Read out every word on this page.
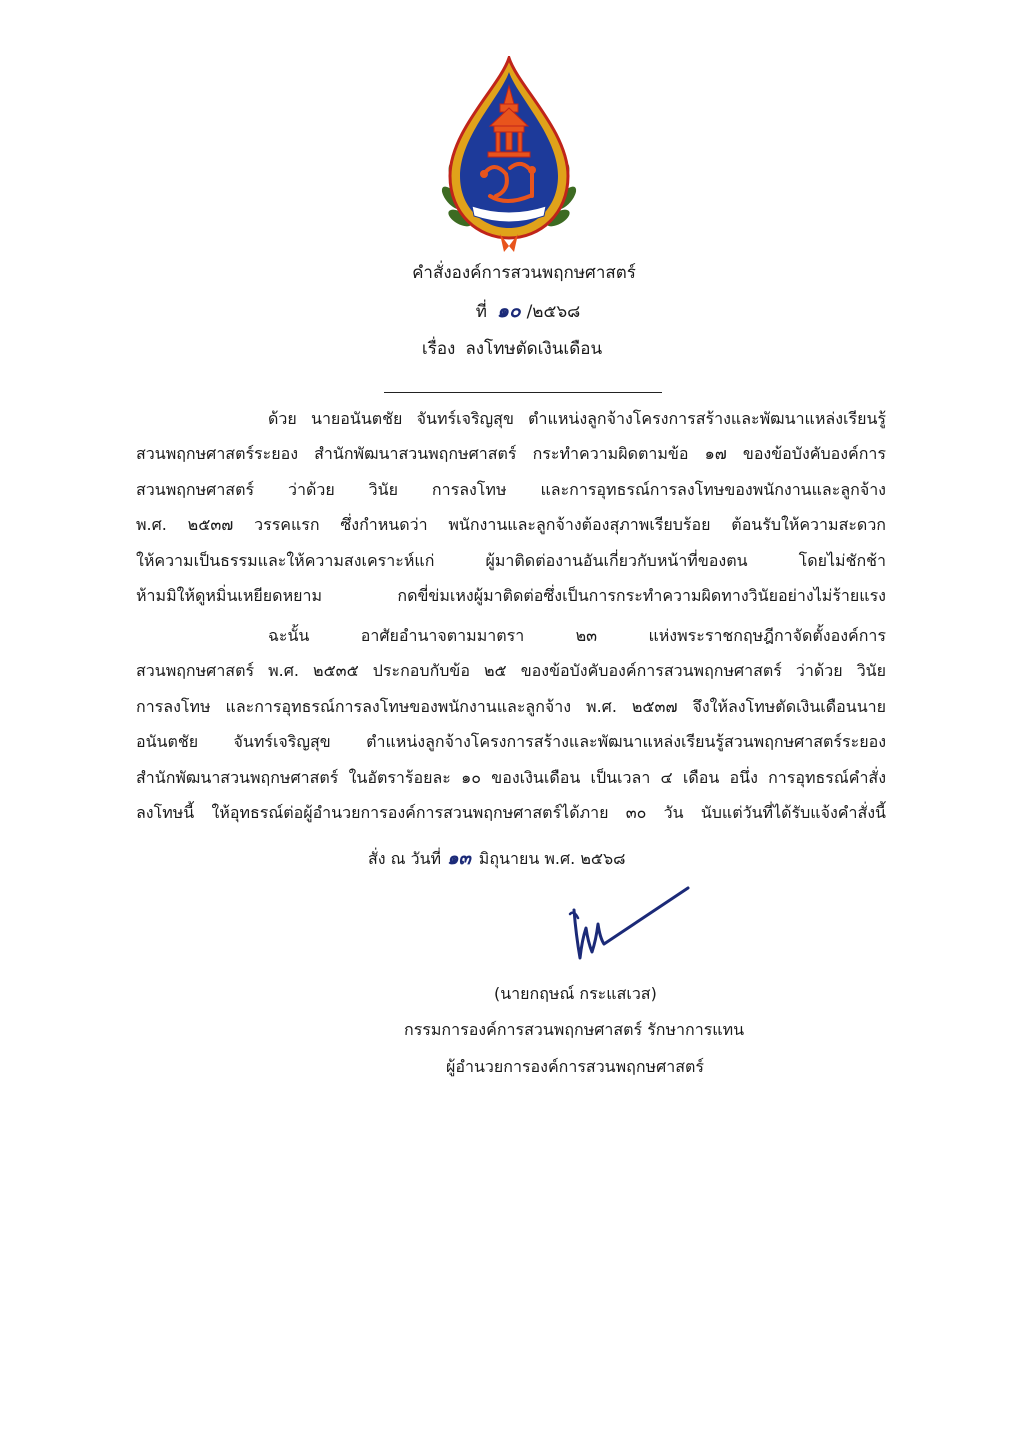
คำสั่งองค์การสวนพฤกษศาสตร์
ที่ ๑๐ /๒๕๖๘
เรื่อง ลงโทษตัดเงินเดือน
ด้วย นายอนันตชัย จันทร์เจริญสุข ตำแหน่งลูกจ้างโครงการสร้างและพัฒนาแหล่งเรียนรู้
สวนพฤกษศาสตร์ระยอง สำนักพัฒนาสวนพฤกษศาสตร์ กระทำความผิดตามข้อ ๑๗ ของข้อบังคับองค์การ
สวนพฤกษศาสตร์ ว่าด้วย วินัย การลงโทษ และการอุทธรณ์การลงโทษของพนักงานและลูกจ้าง
พ.ศ. ๒๕๓๗ วรรคแรก ซึ่งกำหนดว่า พนักงานและลูกจ้างต้องสุภาพเรียบร้อย ต้อนรับให้ความสะดวก
ให้ความเป็นธรรมและให้ความสงเคราะห์แก่ ผู้มาติดต่องานอันเกี่ยวกับหน้าที่ของตน โดยไม่ชักช้า
ห้ามมิให้ดูหมิ่นเหยียดหยาม กดขี่ข่มเหงผู้มาติดต่อซึ่งเป็นการกระทำความผิดทางวินัยอย่างไม่ร้ายแรง
ฉะนั้น อาศัยอำนาจตามมาตรา ๒๓ แห่งพระราชกฤษฎีกาจัดตั้งองค์การ
สวนพฤกษศาสตร์ พ.ศ. ๒๕๓๕ ประกอบกับข้อ ๒๕ ของข้อบังคับองค์การสวนพฤกษศาสตร์ ว่าด้วย วินัย
การลงโทษ และการอุทธรณ์การลงโทษของพนักงานและลูกจ้าง พ.ศ. ๒๕๓๗ จึงให้ลงโทษตัดเงินเดือนนาย
อนันตชัย จันทร์เจริญสุข ตำแหน่งลูกจ้างโครงการสร้างและพัฒนาแหล่งเรียนรู้สวนพฤกษศาสตร์ระยอง
สำนักพัฒนาสวนพฤกษศาสตร์ ในอัตราร้อยละ ๑๐ ของเงินเดือน เป็นเวลา ๔ เดือน อนึ่ง การอุทธรณ์คำสั่ง
ลงโทษนี้ ให้อุทธรณ์ต่อผู้อำนวยการองค์การสวนพฤกษศาสตร์ได้ภาย ๓๐ วัน นับแต่วันที่ได้รับแจ้งคำสั่งนี้
สั่ง ณ วันที่ ๑๓ มิถุนายน พ.ศ. ๒๕๖๘
(นายกฤษณ์ กระแสเวส)
กรรมการองค์การสวนพฤกษศาสตร์ รักษาการแทน
ผู้อำนวยการองค์การสวนพฤกษศาสตร์
